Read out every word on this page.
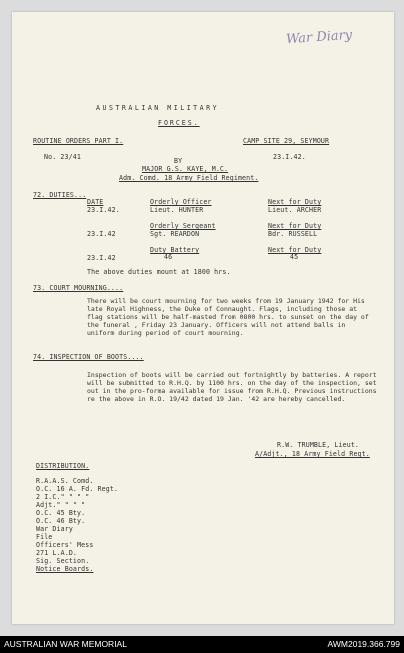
War Diary
AUSTRALIAN MILITARY
FORCES.
ROUTINE ORDERS PART I.	CAMP SITE 29, SEYMOUR
No. 23/41	23.I.42.
BY
MAJOR G.S. KAYE, M.C.
Adm. Comd. 18 Army Field Regiment.
72. DUTIES...
DATE	Orderly Officer	Next for Duty
23.I.42.	Lieut. HUNTER	Lieut. ARCHER
Orderly Sergeant	Next for Duty
23.I.42	Sgt. REARDON	Bdr. RUSSELL
Duty Battery	Next for Duty
23.I.42	46	45
The above duties mount at 1800 hrs.
73. COURT MOURNING....
There will be court mourning for two weeks from 19 January 1942 for His late Royal Highness, the Duke of Connaught. Flags, including those at flag stations will be half-masted from 0800 hrs. to sunset on the day of the funeral , Friday 23 January. Officers will not attend balls in uniform during period of court mourning.
74. INSPECTION OF BOOTS....
Inspection of boots will be carried out fortnightly by batteries. A report will be submitted to R.H.Q. by 1100 hrs. on the day of the inspection, set out in the pro-forma available for issue from R.H.Q. Previous instructions re the above in R.O. 19/42 dated 19 Jan. '42 are hereby cancelled.
R.W. TRUMBLE, Lieut.
A/Adjt., 18 Army Field Regt.
DISTRIBUTION.
R.A.A.S. Comd.
O.C. 16 A. Fd. Regt.
2 I.C." " " "
Adjt." " " "
O.C. 45 Bty.
O.C. 46 Bty.
War Diary
File
Officers' Mess
271 L.A.D.
Sig. Section.
Notice Boards.
AUSTRALIAN WAR MEMORIAL	AWM2019.366.799
